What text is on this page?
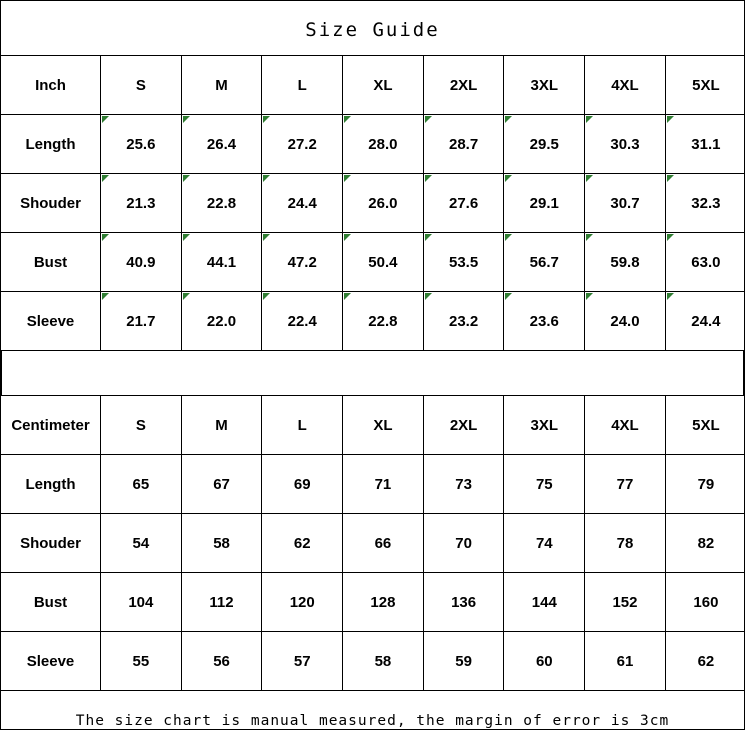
Size Guide
Inch	S	M	L	XL	2XL	3XL	4XL	5XL
Length	25.6	26.4	27.2	28.0	28.7	29.5	30.3	31.1
Shouder	21.3	22.8	24.4	26.0	27.6	29.1	30.7	32.3
Bust	40.9	44.1	47.2	50.4	53.5	56.7	59.8	63.0
Sleeve	21.7	22.0	22.4	22.8	23.2	23.6	24.0	24.4
Centimeter	S	M	L	XL	2XL	3XL	4XL	5XL
Length	65	67	69	71	73	75	77	79
Shouder	54	58	62	66	70	74	78	82
Bust	104	112	120	128	136	144	152	160
Sleeve	55	56	57	58	59	60	61	62
The size chart is manual measured, the margin of error is 3cm
